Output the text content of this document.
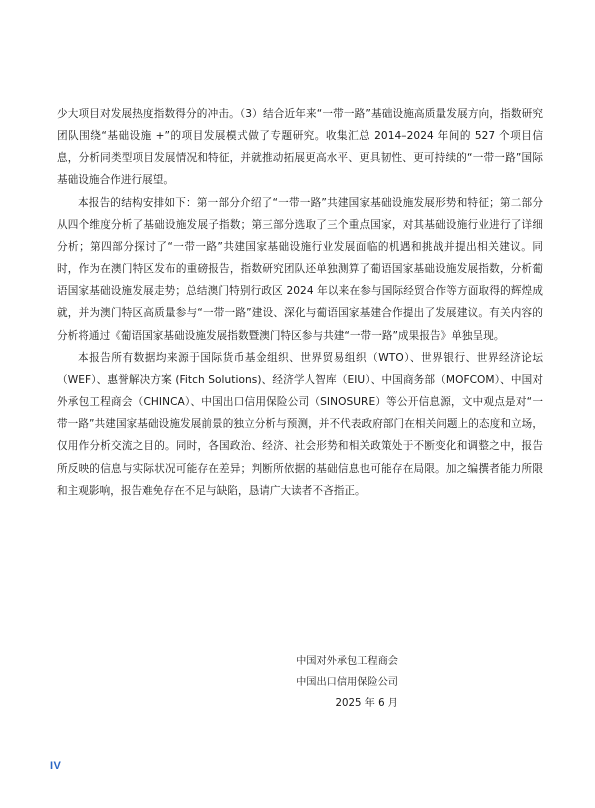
少大项目对发展热度指数得分的冲击。（3）结合近年来“一带一路”基础设施高质量发展方向，指数研究团队围绕“基础设施 +”的项目发展模式做了专题研究。收集汇总 2014–2024 年间的 527 个项目信息，分析同类型项目发展情况和特征，并就推动拓展更高水平、更具韧性、更可持续的“一带一路”国际基础设施合作进行展望。

本报告的结构安排如下：第一部分介绍了“一带一路”共建国家基础设施发展形势和特征；第二部分从四个维度分析了基础设施发展子指数；第三部分选取了三个重点国家，对其基础设施行业进行了详细分析；第四部分探讨了“一带一路”共建国家基础设施行业发展面临的机遇和挑战并提出相关建议。同时，作为在澳门特区发布的重磅报告，指数研究团队还单独测算了葡语国家基础设施发展指数，分析葡语国家基础设施发展走势；总结澳门特别行政区 2024 年以来在参与国际经贸合作等方面取得的辉煌成就，并为澳门特区高质量参与“一带一路”建设、深化与葡语国家基建合作提出了发展建议。有关内容的分析将通过《葡语国家基础设施发展指数暨澳门特区参与共建“一带一路”成果报告》单独呈现。

本报告所有数据均来源于国际货币基金组织、世界贸易组织（WTO）、世界银行、世界经济论坛（WEF）、惠誉解决方案 (Fitch Solutions)、经济学人智库（EIU）、中国商务部（MOFCOM）、中国对外承包工程商会（CHINCA）、中国出口信用保险公司（SINOSURE）等公开信息源，文中观点是对“一带一路”共建国家基础设施发展前景的独立分析与预测，并不代表政府部门在相关问题上的态度和立场，仅用作分析交流之目的。同时，各国政治、经济、社会形势和相关政策处于不断变化和调整之中，报告所反映的信息与实际状况可能存在差异；判断所依据的基础信息也可能存在局限。加之编撰者能力所限和主观影响，报告难免存在不足与缺陷，恳请广大读者不吝指正。

中国对外承包工程商会
中国出口信用保险公司
2025 年 6 月
IV
